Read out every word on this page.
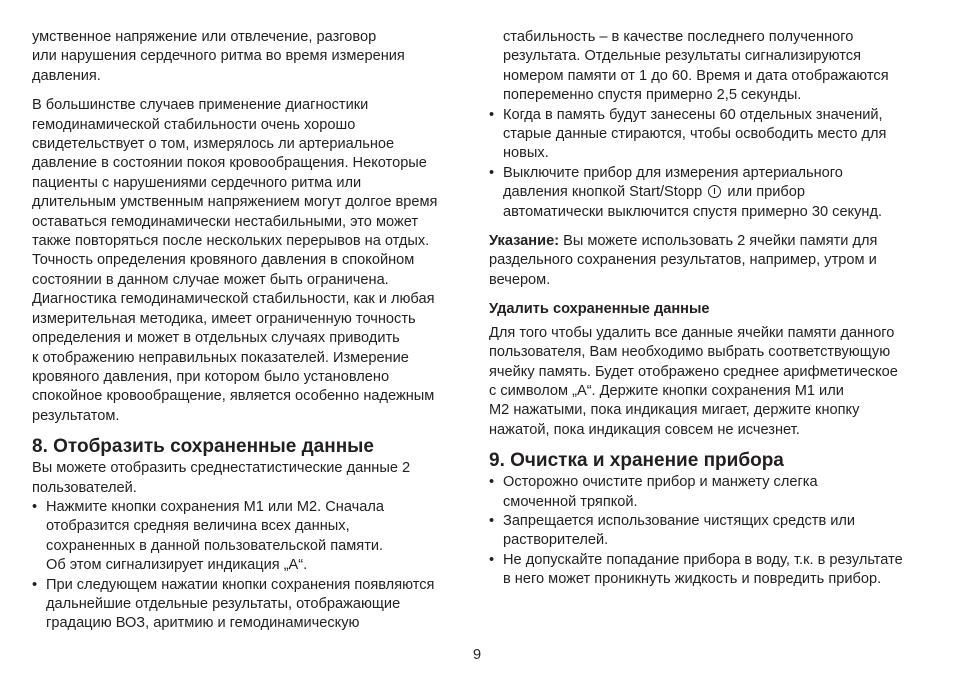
умственное напряжение или отвлечение, разговор
или нарушения сердечного ритма во время измерения
давления.

В большинстве случаев применение диагностики
гемодинамической стабильности очень хорошо
свидетельствует о том, измерялось ли артериальное
давление в состоянии покоя кровообращения. Некоторые
пациенты с нарушениями сердечного ритма или
длительным умственным напряжением могут долгое время
оставаться гемодинамически нестабильными, это может
также повторяться после нескольких перерывов на отдых.
Точность определения кровяного давления в спокойном
состоянии в данном случае может быть ограничена.
Диагностика гемодинамической стабильности, как и любая
измерительная методика, имеет ограниченную точность
определения и может в отдельных случаях приводить
к отображению неправильных показателей. Измерение
кровяного давления, при котором было установлено
спокойное кровообращение, является особенно надежным
результатом.

8. Отобразить сохраненные данные

Вы можете отобразить среднестатистические данные 2
пользователей.

• Нажмите кнопки сохранения M1 или M2. Сначала
отобразится средняя величина всех данных,
сохраненных в данной пользовательской памяти.
Об этом сигнализирует индикация „A“.
• При следующем нажатии кнопки сохранения появляются
дальнейшие отдельные результаты, отображающие
градацию ВОЗ, аритмию и гемодинамическую

стабильность – в качестве последнего полученного
результата. Отдельные результаты сигнализируются
номером памяти от 1 до 60. Время и дата отображаются
попеременно спустя примерно 2,5 секунды.

• Когда в память будут занесены 60 отдельных значений,
старые данные стираются, чтобы освободить место для
новых.
• Выключите прибор для измерения артериального
давления кнопкой Start/Stopp или прибор
автоматически выключится спустя примерно 30 секунд.

Указание: Вы можете использовать 2 ячейки памяти для
раздельного сохранения результатов, например, утром и
вечером.

Удалить сохраненные данные

Для того чтобы удалить все данные ячейки памяти данного
пользователя, Вам необходимо выбрать соответствующую
ячейку память. Будет отображено среднее арифметическое
с символом „A“. Держите кнопки сохранения M1 или
M2 нажатыми, пока индикация мигает, держите кнопку
нажатой, пока индикация совсем не исчезнет.

9. Очистка и хранение прибора
• Осторожно очистите прибор и манжету слегка
смоченной тряпкой.
• Запрещается использование чистящих средств или
растворителей.
• Не допускайте попадание прибора в воду, т.к. в результате
в него может проникнуть жидкость и повредить прибор.
9
